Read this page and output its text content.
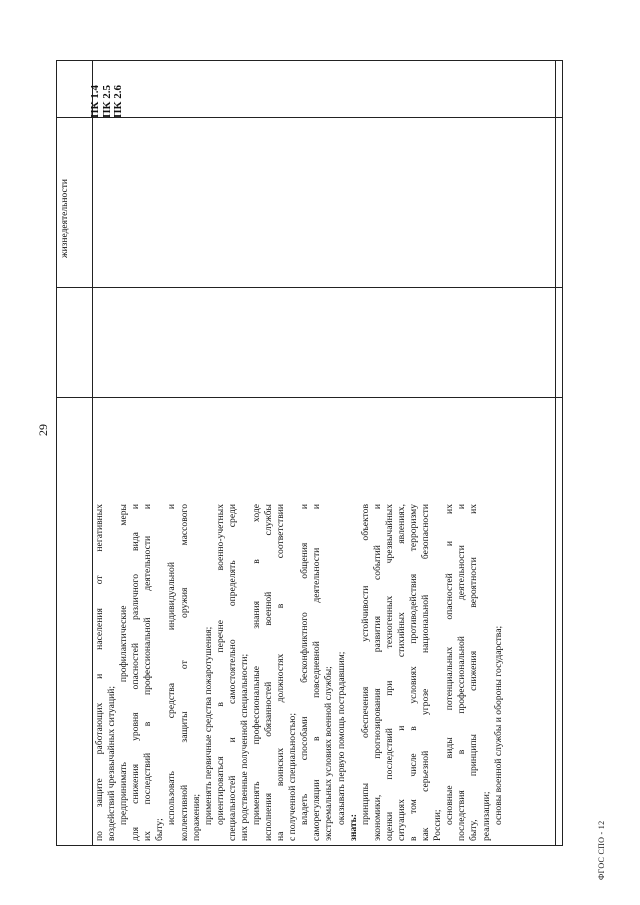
29
ПК 1.4 ПК 2.5 ПК 2.6
жизнедеятельности
по защите работающих и населения от негативных воздействий чрезвычайных ситуаций; предпринимать профилактические меры для снижения уровня опасностей различного вида и их последствий в профессиональной деятельности и быту;
использовать средства индивидуальной и коллективной защиты от оружия массового поражения; применять первичные средства пожаротушения; ориентироваться в перечне военно-учетных специальностей и самостоятельно определять среди них родственные полученной специальности; применять профессиональные знания в ходе исполнения обязанностей военной службы на воинских должностях в соответствии с полученной специальностью; владеть способами бесконфликтного общения и саморегуляции в повседневной деятельности и экстремальных условиях военной службы; оказывать первую помощь пострадавшим;
знать:
принципы обеспечения устойчивости объектов экономики, прогнозирования развития событий и оценки последствий при техногенных чрезвычайных ситуациях и стихийных явлениях, в том числе в условиях противодействия терроризму как серьезной угрозе национальной безопасности России;
основные виды потенциальных опасностей и их последствия в профессиональной деятельности и быту, принципы снижения вероятности их реализации; основы военной службы и обороны государства;
ФГОС СПО - 12
